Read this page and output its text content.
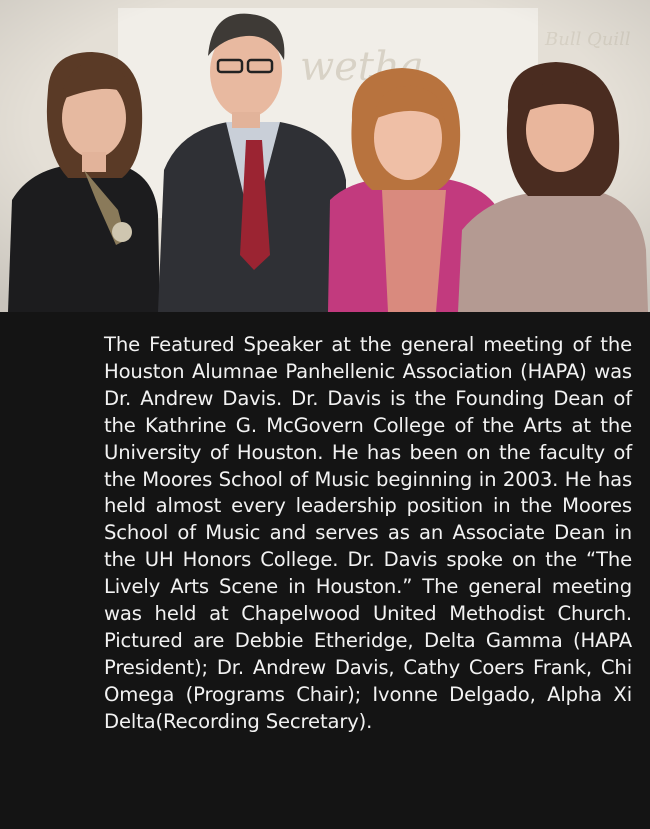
The Featured Speaker at the general meeting of the Houston Alumnae Panhellenic Association (HAPA) was Dr. Andrew Davis. Dr. Davis is the Founding Dean of the Kathrine G. McGovern College of the Arts at the University of Houston. He has been on the faculty of the Moores School of Music beginning in 2003. He has held almost every leadership position in the Moores School of Music and serves as an Associate Dean in the UH Honors College. Dr. Davis spoke on the “The Lively Arts Scene in Houston.” The general meeting was held at Chapelwood United Methodist Church. Pictured are Debbie Etheridge, Delta Gamma (HAPA President); Dr. Andrew Davis, Cathy Coers Frank, Chi Omega (Programs Chair); Ivonne Delgado, Alpha Xi Delta(Recording Secretary).
